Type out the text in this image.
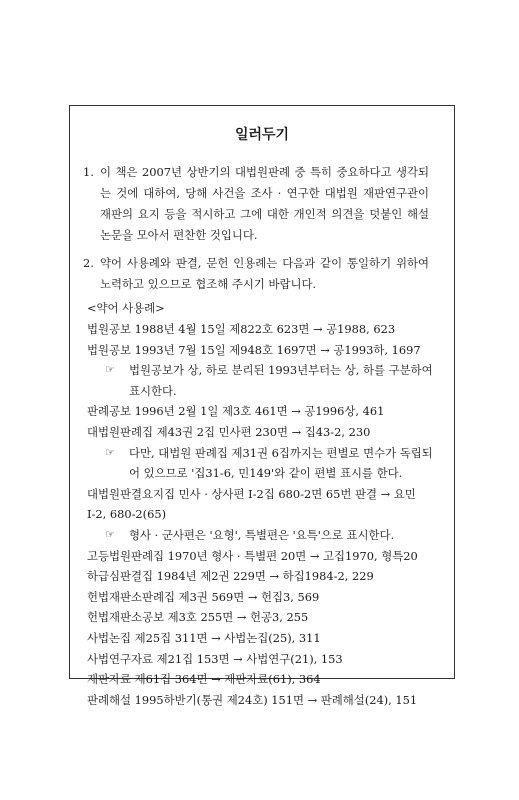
일러두기
1. 이 책은 2007년 상반기의 대법원판례 중 특히 중요하다고 생각되는 것에 대하여, 당해 사건을 조사 · 연구한 대법원 재판연구관이 재판의 요지 등을 적시하고 그에 대한 개인적 의견을 덧붙인 해설논문을 모아서 편찬한 것입니다.
2. 약어 사용례와 판결, 문헌 인용례는 다음과 같이 통일하기 위하여 노력하고 있으므로 협조해 주시기 바랍니다.
<약어 사용례>
법원공보 1988년 4월 15일 제822호 623면 → 공1988, 623
법원공보 1993년 7월 15일 제948호 1697면 → 공1993하, 1697
☞ 법원공보가 상, 하로 분리된 1993년부터는 상, 하를 구분하여 표시한다.
판례공보 1996년 2월 1일 제3호 461면 → 공1996상, 461
대법원판례집 제43권 2집 민사편 230면 → 집43-2, 230
☞ 다만, 대법원 판례집 제31권 6집까지는 편별로 면수가 독립되어 있으므로 '집31-6, 민149'와 같이 편별 표시를 한다.
대법원판결요지집 민사 · 상사편 Ⅰ-2집 680-2면 65번 판결 → 요민 Ⅰ-2, 680-2(65)
☞ 형사 · 군사편은 '요형', 특별편은 '요특'으로 표시한다.
고등법원판례집 1970년 형사 · 특별편 20면 → 고집1970, 형특20
하급심판결집 1984년 제2권 229면 → 하집1984-2, 229
헌법재판소판례집 제3권 569면 → 헌집3, 569
헌법재판소공보 제3호 255면 → 헌공3, 255
사법논집 제25집 311면 → 사법논집(25), 311
사법연구자료 제21집 153면 → 사법연구(21), 153
재판자료 제61집 364면 → 재판자료(61), 364
판례해설 1995하반기(통권 제24호) 151면 → 판례해설(24), 151
